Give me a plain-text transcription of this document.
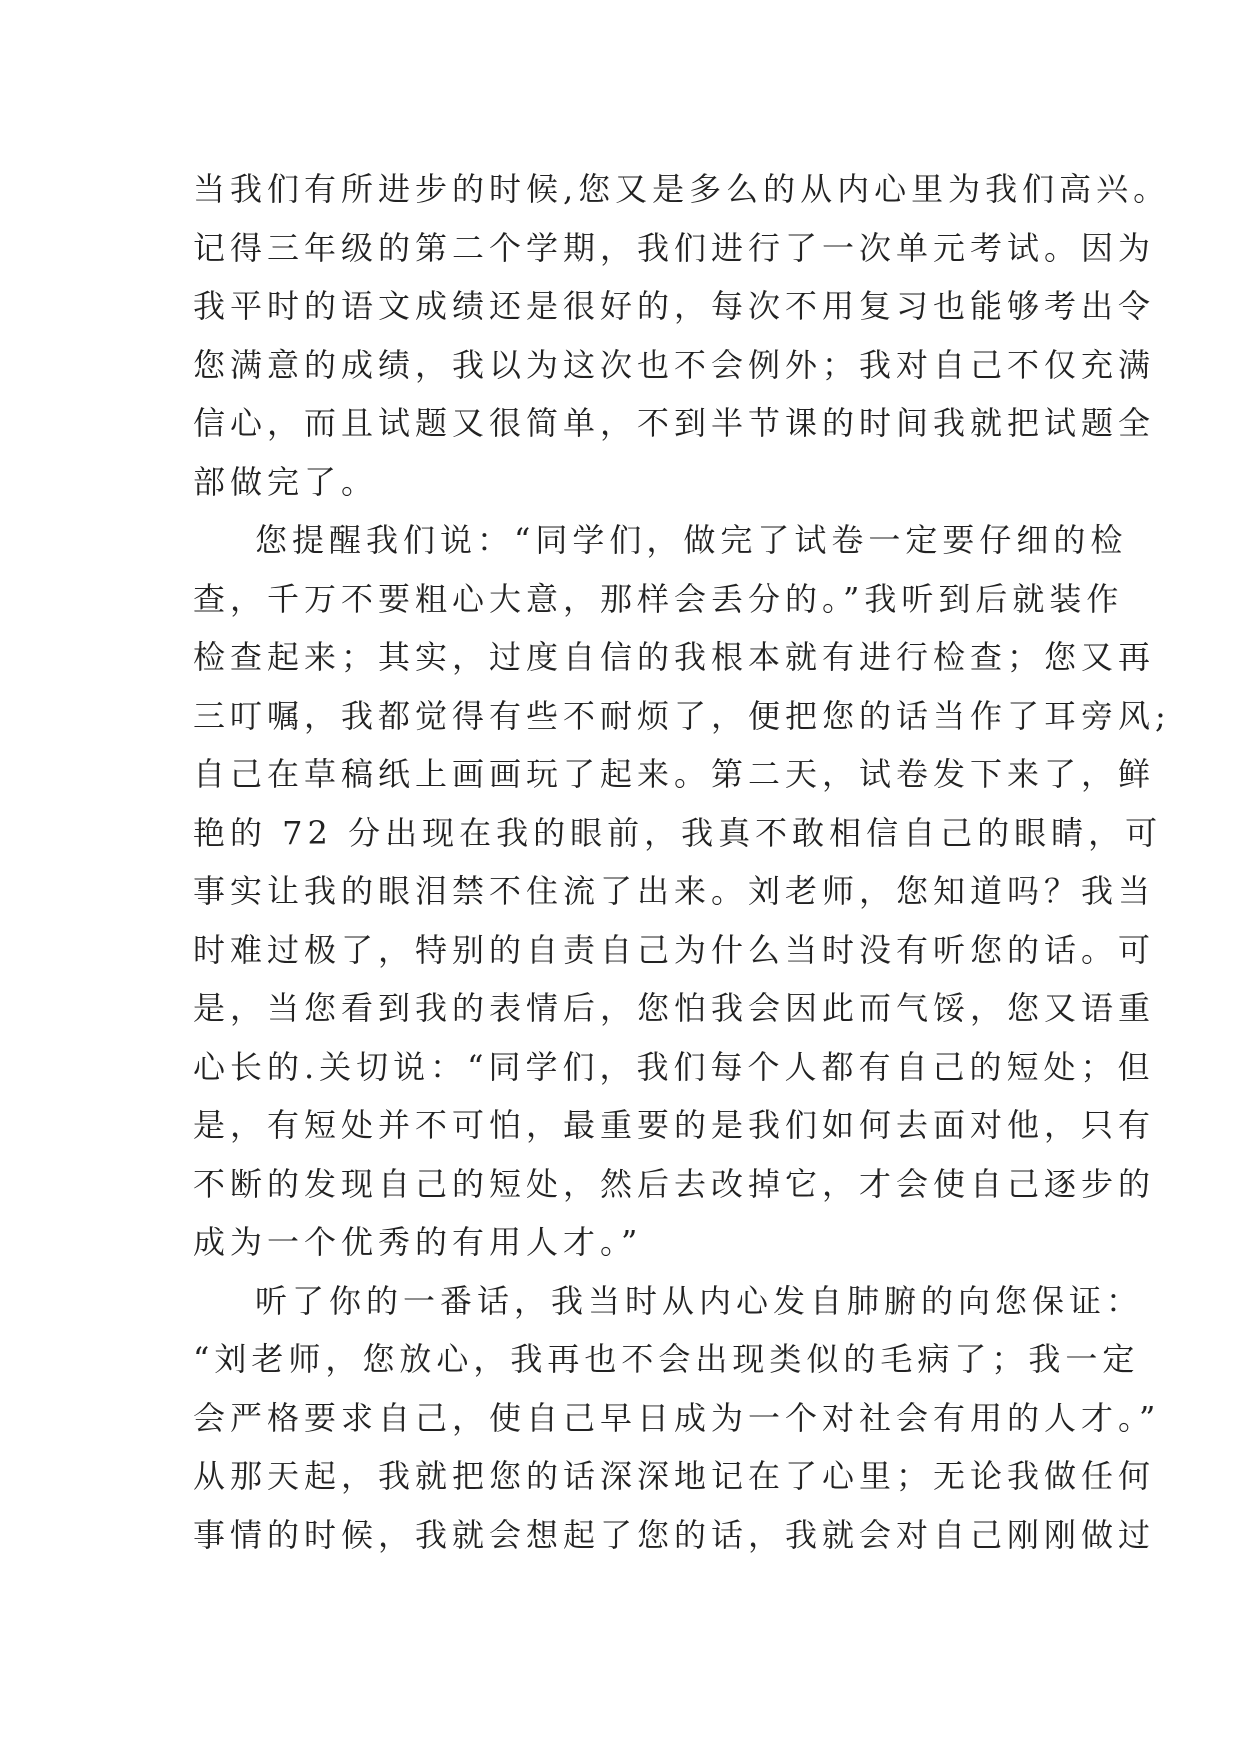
当我们有所进步的时候,您又是多么的从内心里为我们高兴。
记得三年级的第二个学期，我们进行了一次单元考试。因为
我平时的语文成绩还是很好的，每次不用复习也能够考出令
您满意的成绩，我以为这次也不会例外；我对自己不仅充满
信心，而且试题又很简单，不到半节课的时间我就把试题全
部做完了。
您提醒我们说：“同学们，做完了试卷一定要仔细的检
查，千万不要粗心大意，那样会丢分的。”我听到后就装作
检查起来；其实，过度自信的我根本就有进行检查；您又再
三叮嘱，我都觉得有些不耐烦了，便把您的话当作了耳旁风;
自己在草稿纸上画画玩了起来。第二天，试卷发下来了，鲜
艳的 72 分出现在我的眼前，我真不敢相信自己的眼睛，可
事实让我的眼泪禁不住流了出来。刘老师，您知道吗？我当
时难过极了，特别的自责自己为什么当时没有听您的话。可
是，当您看到我的表情后，您怕我会因此而气馁，您又语重
心长的.关切说：“同学们，我们每个人都有自己的短处；但
是，有短处并不可怕，最重要的是我们如何去面对他，只有
不断的发现自己的短处，然后去改掉它，才会使自己逐步的
成为一个优秀的有用人才。”
听了你的一番话，我当时从内心发自肺腑的向您保证：
“刘老师，您放心，我再也不会出现类似的毛病了；我一定
会严格要求自己，使自己早日成为一个对社会有用的人才。”
从那天起，我就把您的话深深地记在了心里；无论我做任何
事情的时候，我就会想起了您的话，我就会对自己刚刚做过
